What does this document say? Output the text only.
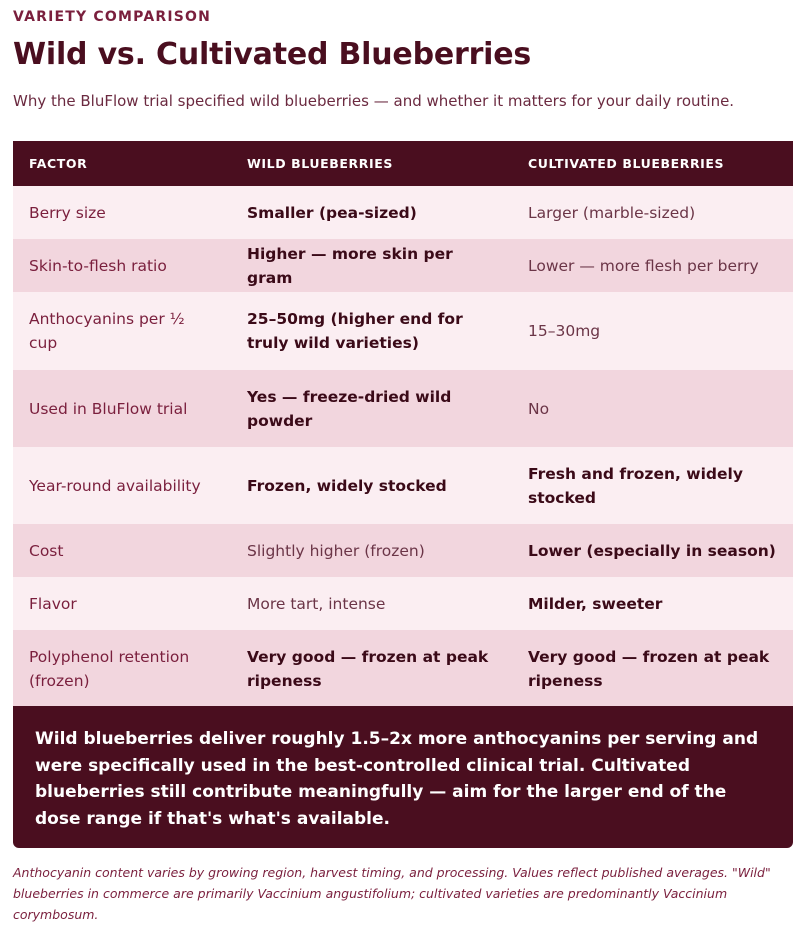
VARIETY COMPARISON
Wild vs. Cultivated Blueberries
Why the BluFlow trial specified wild blueberries — and whether it matters for your daily routine.
FACTOR	WILD BLUEBERRIES	CULTIVATED BLUEBERRIES
Berry size	Smaller (pea-sized)	Larger (marble-sized)
Skin-to-flesh ratio	Higher — more skin per gram	Lower — more flesh per berry
Anthocyanins per ½ cup	25–50mg (higher end for truly wild varieties)	15–30mg
Used in BluFlow trial	Yes — freeze-dried wild powder	No
Year-round availability	Frozen, widely stocked	Fresh and frozen, widely stocked
Cost	Slightly higher (frozen)	Lower (especially in season)
Flavor	More tart, intense	Milder, sweeter
Polyphenol retention (frozen)	Very good — frozen at peak ripeness	Very good — frozen at peak ripeness
Wild blueberries deliver roughly 1.5–2x more anthocyanins per serving and were specifically used in the best-controlled clinical trial. Cultivated blueberries still contribute meaningfully — aim for the larger end of the dose range if that's what's available.
Anthocyanin content varies by growing region, harvest timing, and processing. Values reflect published averages. "Wild" blueberries in commerce are primarily Vaccinium angustifolium; cultivated varieties are predominantly Vaccinium corymbosum.
